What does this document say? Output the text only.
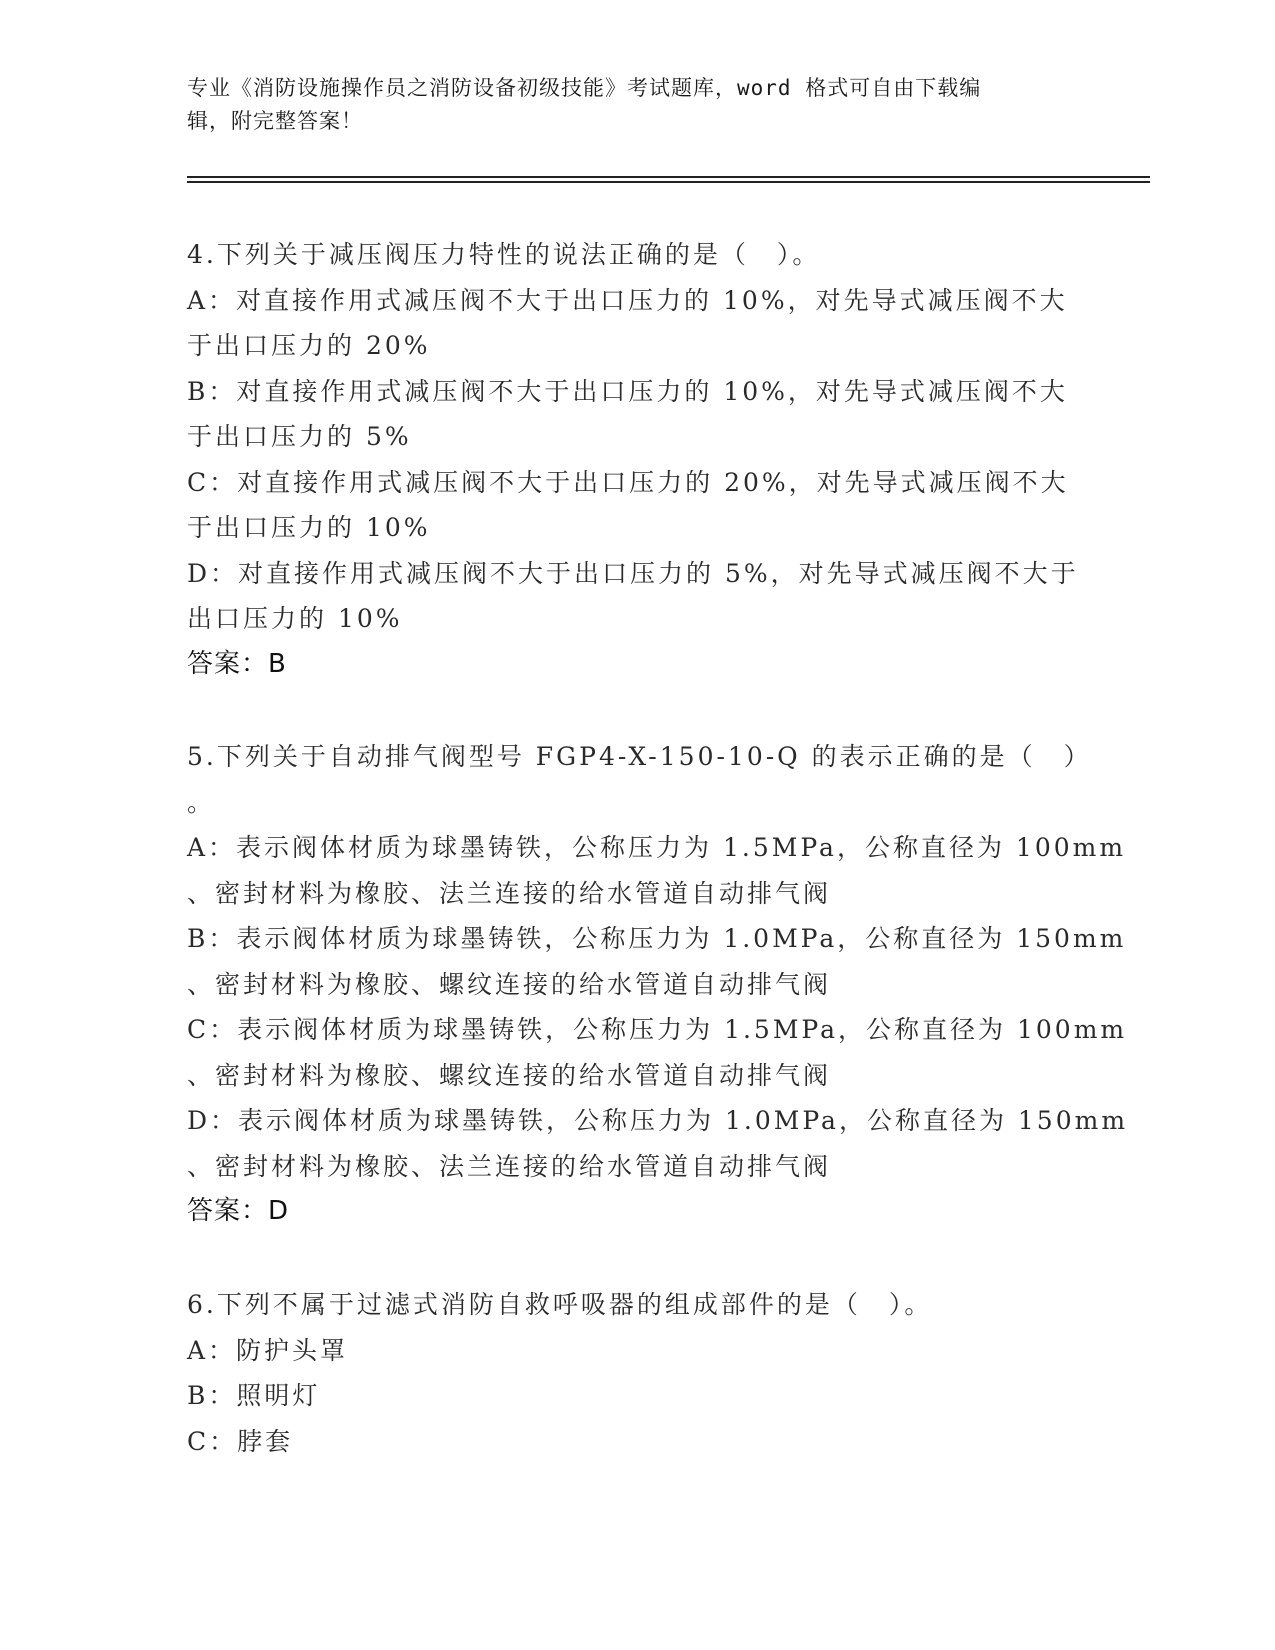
专业《消防设施操作员之消防设备初级技能》考试题库，word 格式可自由下载编
辑，附完整答案！
4.下列关于减压阀压力特性的说法正确的是（　）。
A：对直接作用式减压阀不大于出口压力的 10%，对先导式减压阀不大
于出口压力的 20%
B：对直接作用式减压阀不大于出口压力的 10%，对先导式减压阀不大
于出口压力的 5%
C：对直接作用式减压阀不大于出口压力的 20%，对先导式减压阀不大
于出口压力的 10%
D：对直接作用式减压阀不大于出口压力的 5%，对先导式减压阀不大于
出口压力的 10%
答案：B
5.下列关于自动排气阀型号 FGP4-X-150-10-Q 的表示正确的是（　）
。
A：表示阀体材质为球墨铸铁，公称压力为 1.5MPa，公称直径为 100mm
、密封材料为橡胶、法兰连接的给水管道自动排气阀
B：表示阀体材质为球墨铸铁，公称压力为 1.0MPa，公称直径为 150mm
、密封材料为橡胶、螺纹连接的给水管道自动排气阀
C：表示阀体材质为球墨铸铁，公称压力为 1.5MPa，公称直径为 100mm
、密封材料为橡胶、螺纹连接的给水管道自动排气阀
D：表示阀体材质为球墨铸铁，公称压力为 1.0MPa，公称直径为 150mm
、密封材料为橡胶、法兰连接的给水管道自动排气阀
答案：D
6.下列不属于过滤式消防自救呼吸器的组成部件的是（　）。
A：防护头罩
B：照明灯
C：脖套
